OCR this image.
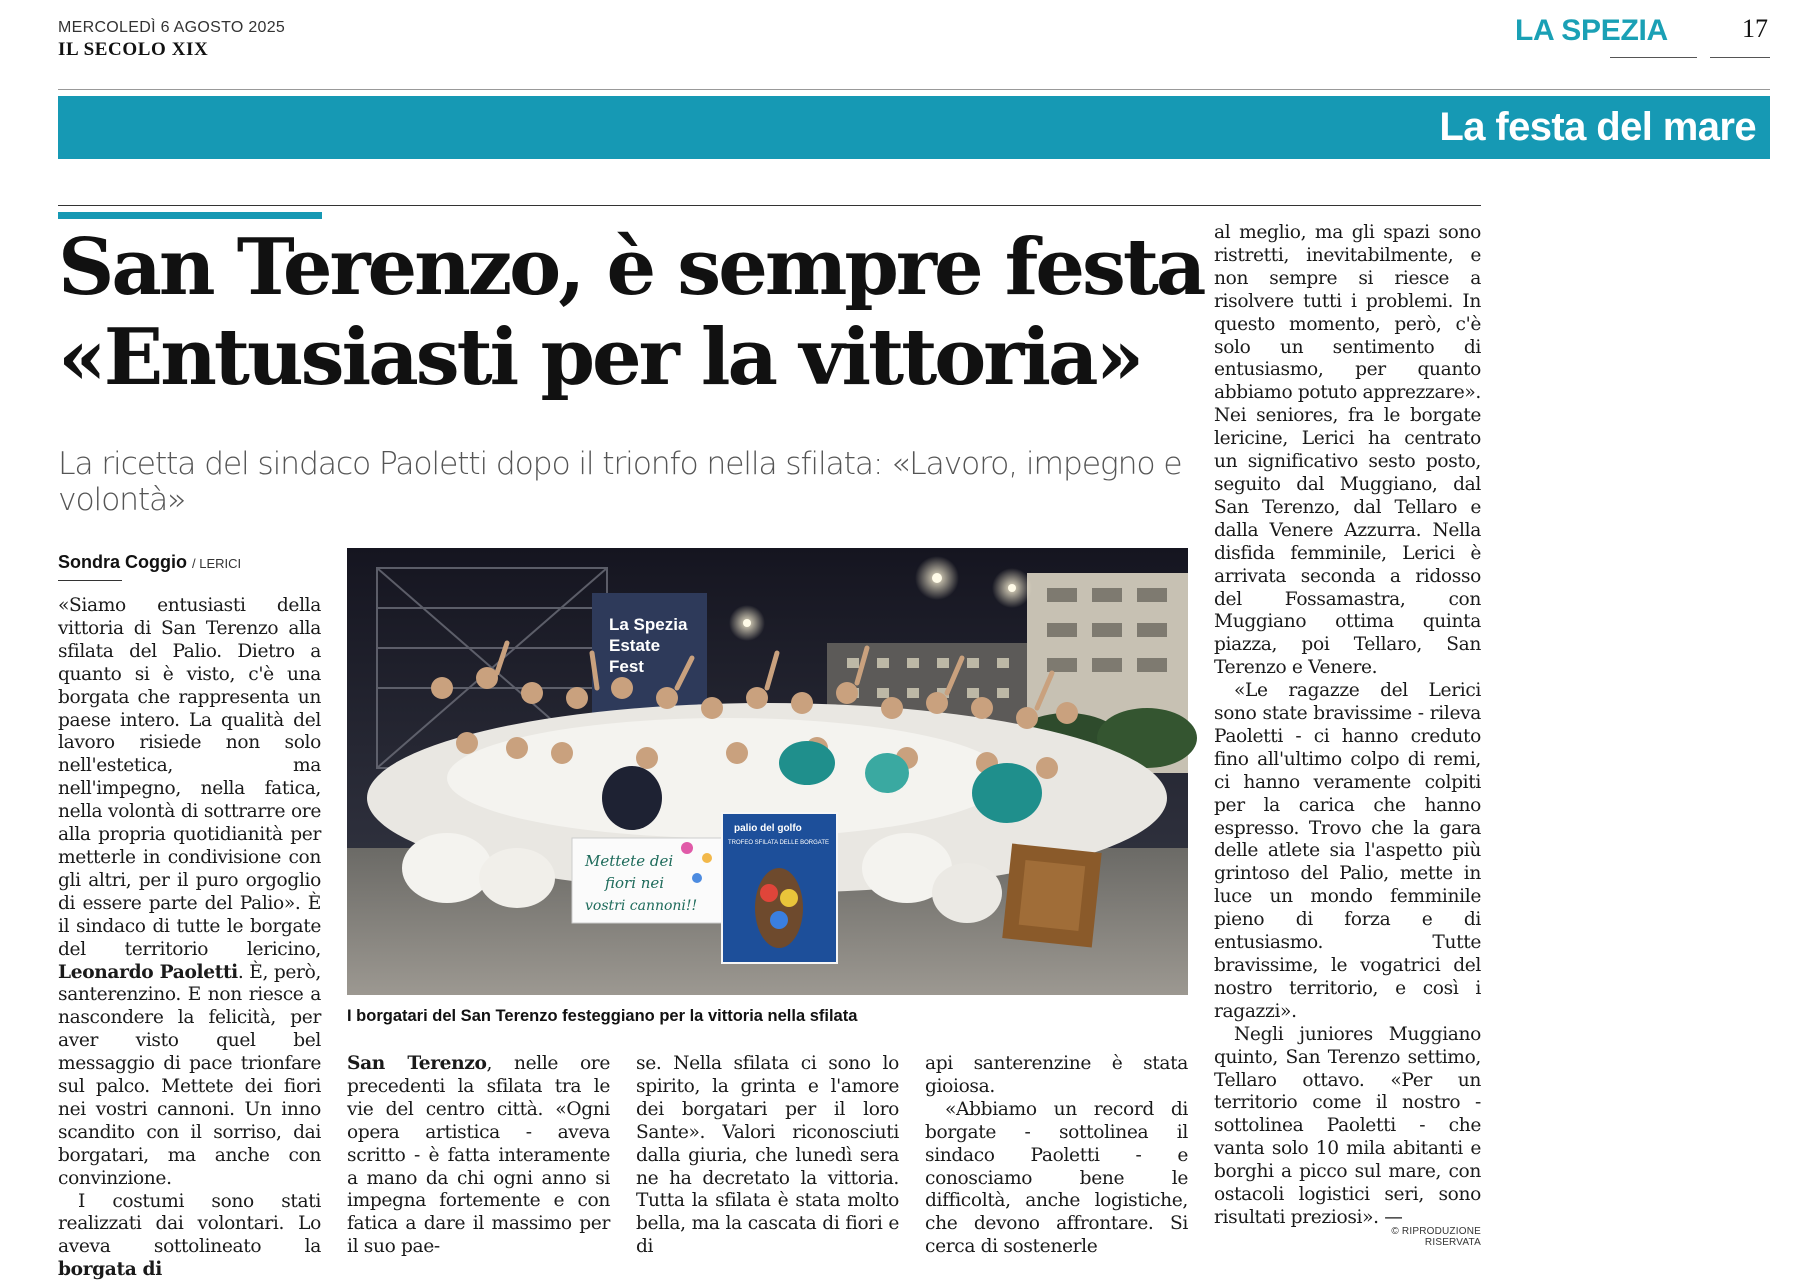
MERCOLEDÌ 6 AGOSTO 2025
IL SECOLO XIX
LA SPEZIA	17
La festa del mare
San Terenzo, è sempre festa
«Entusiasti per la vittoria»
La ricetta del sindaco Paoletti dopo il trionfo nella sfilata: «Lavoro, impegno e volontà»
Sondra Coggio / LERICI

«Siamo entusiasti della vittoria di San Terenzo alla sfilata del Palio. Dietro a quanto si è visto, c'è una borgata che rappresenta un paese intero. La qualità del lavoro risiede non solo nell'estetica, ma nell'impegno, nella fatica, nella volontà di sottrarre ore alla propria quotidianità per metterle in condivisione con gli altri, per il puro orgoglio di essere parte del Palio». È il sindaco di tutte le borgate del territorio lericino, Leonardo Paoletti. È, però, santerenzino. E non riesce a nascondere la felicità, per aver visto quel bel messaggio di pace trionfare sul palco. Mettete dei fiori nei vostri cannoni. Un inno scandito con il sorriso, dai borgatari, ma anche con convinzione.

I costumi sono stati realizzati dai volontari. Lo aveva sottolineato la borgata di

La Spezia
Estate
Fest
Mettete dei
fiori nei
vostri cannoni!!
palio del golfo
TROFEO SFILATA DELLE BORGATE
I borgatari del San Terenzo festeggiano per la vittoria nella sfilata

San Terenzo, nelle ore precedenti la sfilata tra le vie del centro città. «Ogni opera artistica - aveva scritto - è fatta interamente a mano da chi ogni anno si impegna fortemente e con fatica a dare il massimo per il suo pae-

se. Nella sfilata ci sono lo spirito, la grinta e l'amore dei borgatari per il loro Sante». Valori riconosciuti dalla giuria, che lunedì sera ne ha decretato la vittoria. Tutta la sfilata è stata molto bella, ma la cascata di fiori e di

api santerenzine è stata gioiosa.

«Abbiamo un record di borgate - sottolinea il sindaco Paoletti - e conosciamo bene le difficoltà, anche logistiche, che devono affrontare. Si cerca di sostenerle

al meglio, ma gli spazi sono ristretti, inevitabilmente, e non sempre si riesce a risolvere tutti i problemi. In questo momento, però, c'è solo un sentimento di entusiasmo, per quanto abbiamo potuto apprezzare». Nei seniores, fra le borgate lericine, Lerici ha centrato un significativo sesto posto, seguito dal Muggiano, dal San Terenzo, dal Tellaro e dalla Venere Azzurra. Nella disfida femminile, Lerici è arrivata seconda a ridosso del Fossamastra, con Muggiano ottima quinta piazza, poi Tellaro, San Terenzo e Venere.

«Le ragazze del Lerici sono state bravissime - rileva Paoletti - ci hanno creduto fino all'ultimo colpo di remi, ci hanno veramente colpiti per la carica che hanno espresso. Trovo che la gara delle atlete sia l'aspetto più grintoso del Palio, mette in luce un mondo femminile pieno di forza e di entusiasmo. Tutte bravissime, le vogatrici del nostro territorio, e così i ragazzi».

Negli juniores Muggiano quinto, San Terenzo settimo, Tellaro ottavo. «Per un territorio come il nostro - sottolinea Paoletti - che vanta solo 10 mila abitanti e borghi a picco sul mare, con ostacoli logistici seri, sono risultati preziosi». —

© RIPRODUZIONE RISERVATA
